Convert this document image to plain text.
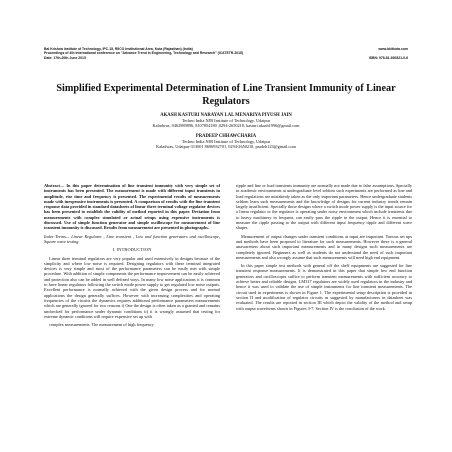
Bal Krishna Institute of Technology, IPC-15, RIICO Institutional Area, Kota (Rajasthan) (India)	www.bkitkota.com
Proceedings of 4th International conference on "Advance Trend in Engineering, Technology and Research" (ICATETR-2015)
Date: 17th-20th June 2015	ISBN: 978-81-930821-0-6
Simplified Experimental Determination of Line Transient Immunity of Linear Regulators
AKASH KASTURI NARAYAN LAL MENARIYA PIYUSH JAIN
Techno India NJR Institute of Technology, Udaipur
Kaladwas, 9462989896, 8107854180 ,0294-2650218, kasturi.akash1996@gmail.com
PRADEEP CHHAWCHARIA
Techno India NJR Institute of Technology, Udaipur
Kaladwas, Udaipur-313001 8696932701, 0294-2650218, pradeh123@gmail.com

Abstract— In this paper determination of line transient immunity with very simple set of instruments has been presented. The measurement is made with different input transients in amplitude, rise time and frequency is presented. The experimental results of measurements made with inexpensive instruments is presented. A comparison of results with the line transient response data provided in standard datasheets of linear three terminal voltage regulator devices has been presented to establish the validity of method reported in this paper. Deviation from measurements with complex simulated or actual setups using expensive instruments is discussed. Use of simple function generator and simple oscilloscope for measurement of line transient immunity is discussed. Results from measurement are presented in photographs.

Index Terms— Linear Regulator , Line transient , Low and function generators and oscilloscope, Square wave testing.

I. INTRODUCTION

Linear three terminal regulators are very popular and used extensively in designs because of the simplicity and where low noise is required. Designing regulators with these terminal integrated devices is very simple and most of the performance parameters can be easily met with simple procedure. With addition of simple components the performance improvement can be easily achieved and protection also can be added in well defined ways. In many low noise applications it is common to have linear regulators following the switch mode power supply to get regulated low noise outputs. Excellent performance is normally achieved with the given design process and for normal applications the design generally suffices. However with increasing complexities and operating frequencies of the circuits the dynamics requires additional performance parameters measurements which are generally ignored for two reasons i) One the design is often taken as a granted and remains unchecked for performance under dynamic conditions ii) it is wrongly assumed that testing for extreme dynamic conditions will require expensive set up with

complex measurements. The measurement of high frequency

ripple and line or load transients immunity are normally not made due to false assumptions. Specially in academic environments at undergraduate level seldom such experiments are performed as line and load regulations are mistakenly taken as the only important parameters. Hence undergraduate students seldom learn such measurements and the knowledge of designs for current industry trends remain largely insufficient. Specially those designs where a switch mode power supply is the input source for a linear regulator or the regulator is operating under noisy environment which include transients due to heavy machinery in frequent, can easily pass the ripple to the output. Hence it is essential to measure the ripple passing to the output with different input frequency ripple and different wave shapes.

Measurement of output changes under transient conditions at input are important. Various set ups and methods have been proposed to literature for such measurements. However there is a general unawareness about such important measurements and in many designs such measurements are completely ignored. Beginners as well as students do not understand the need of such important measurements and also wrongly assume that such measurements will need high end equipment.

In this paper simple test methods with general off the shelf equipments are suggested for line transient response measurements. It is demonstrated in this paper that simple low end function generators and oscilloscopes suffice to perform transient measurements with sufficient accuracy to achieve better and reliable designs. LM317 regulators are widely used regulators in the industry and hence it was used to validate the use of simple instruments for line transient measurements. The circuit used in experiments is shown in Figure 1. The experimental setup description is provided in section II and modification of regulator circuits as suggested by manufacturers in datasheet was evaluated. The results are reported in section III which depict the validity of the method and setup with output waveforms shown in Figures 3-7. Section IV is the conclusion of the work.
